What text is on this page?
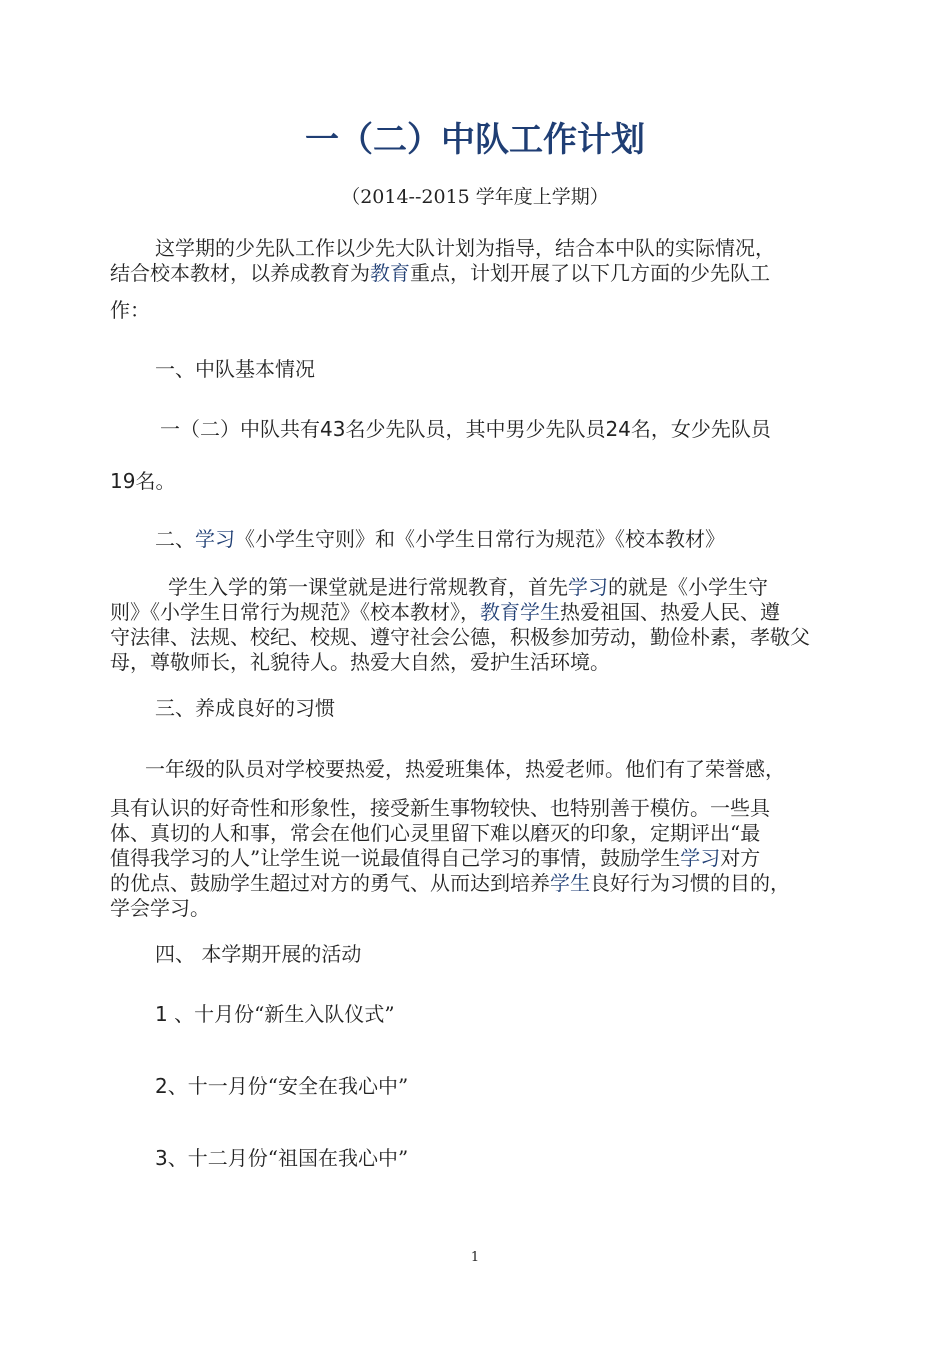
一（二）中队工作计划
（2014--2015 学年度上学期）
这学期的少先队工作以少先大队计划为指导，结合本中队的实际情况，
结合校本教材，以养成教育为教育重点，计划开展了以下几方面的少先队工
作：
一、中队基本情况
一（二）中队共有43名少先队员，其中男少先队员24名，女少先队员
19名。
二、学习《小学生守则》和《小学生日常行为规范》《校本教材》
学生入学的第一课堂就是进行常规教育，首先学习的就是《小学生守
则》《小学生日常行为规范》《校本教材》，教育学生热爱祖国、热爱人民、遵
守法律、法规、校纪、校规、遵守社会公德，积极参加劳动，勤俭朴素，孝敬父
母，尊敬师长，礼貌待人。热爱大自然，爱护生活环境。
三、养成良好的习惯
一年级的队员对学校要热爱，热爱班集体，热爱老师。他们有了荣誉感，
具有认识的好奇性和形象性，接受新生事物较快、也特别善于模仿。一些具
体、真切的人和事，常会在他们心灵里留下难以磨灭的印象，定期评出“最
值得我学习的人”让学生说一说最值得自己学习的事情，鼓励学生学习对方
的优点、鼓励学生超过对方的勇气、从而达到培养学生良好行为习惯的目的，
学会学习。
四、 本学期开展的活动
1 、十月份“新生入队仪式”
2、十一月份“安全在我心中”
3、十二月份“祖国在我心中”
1
